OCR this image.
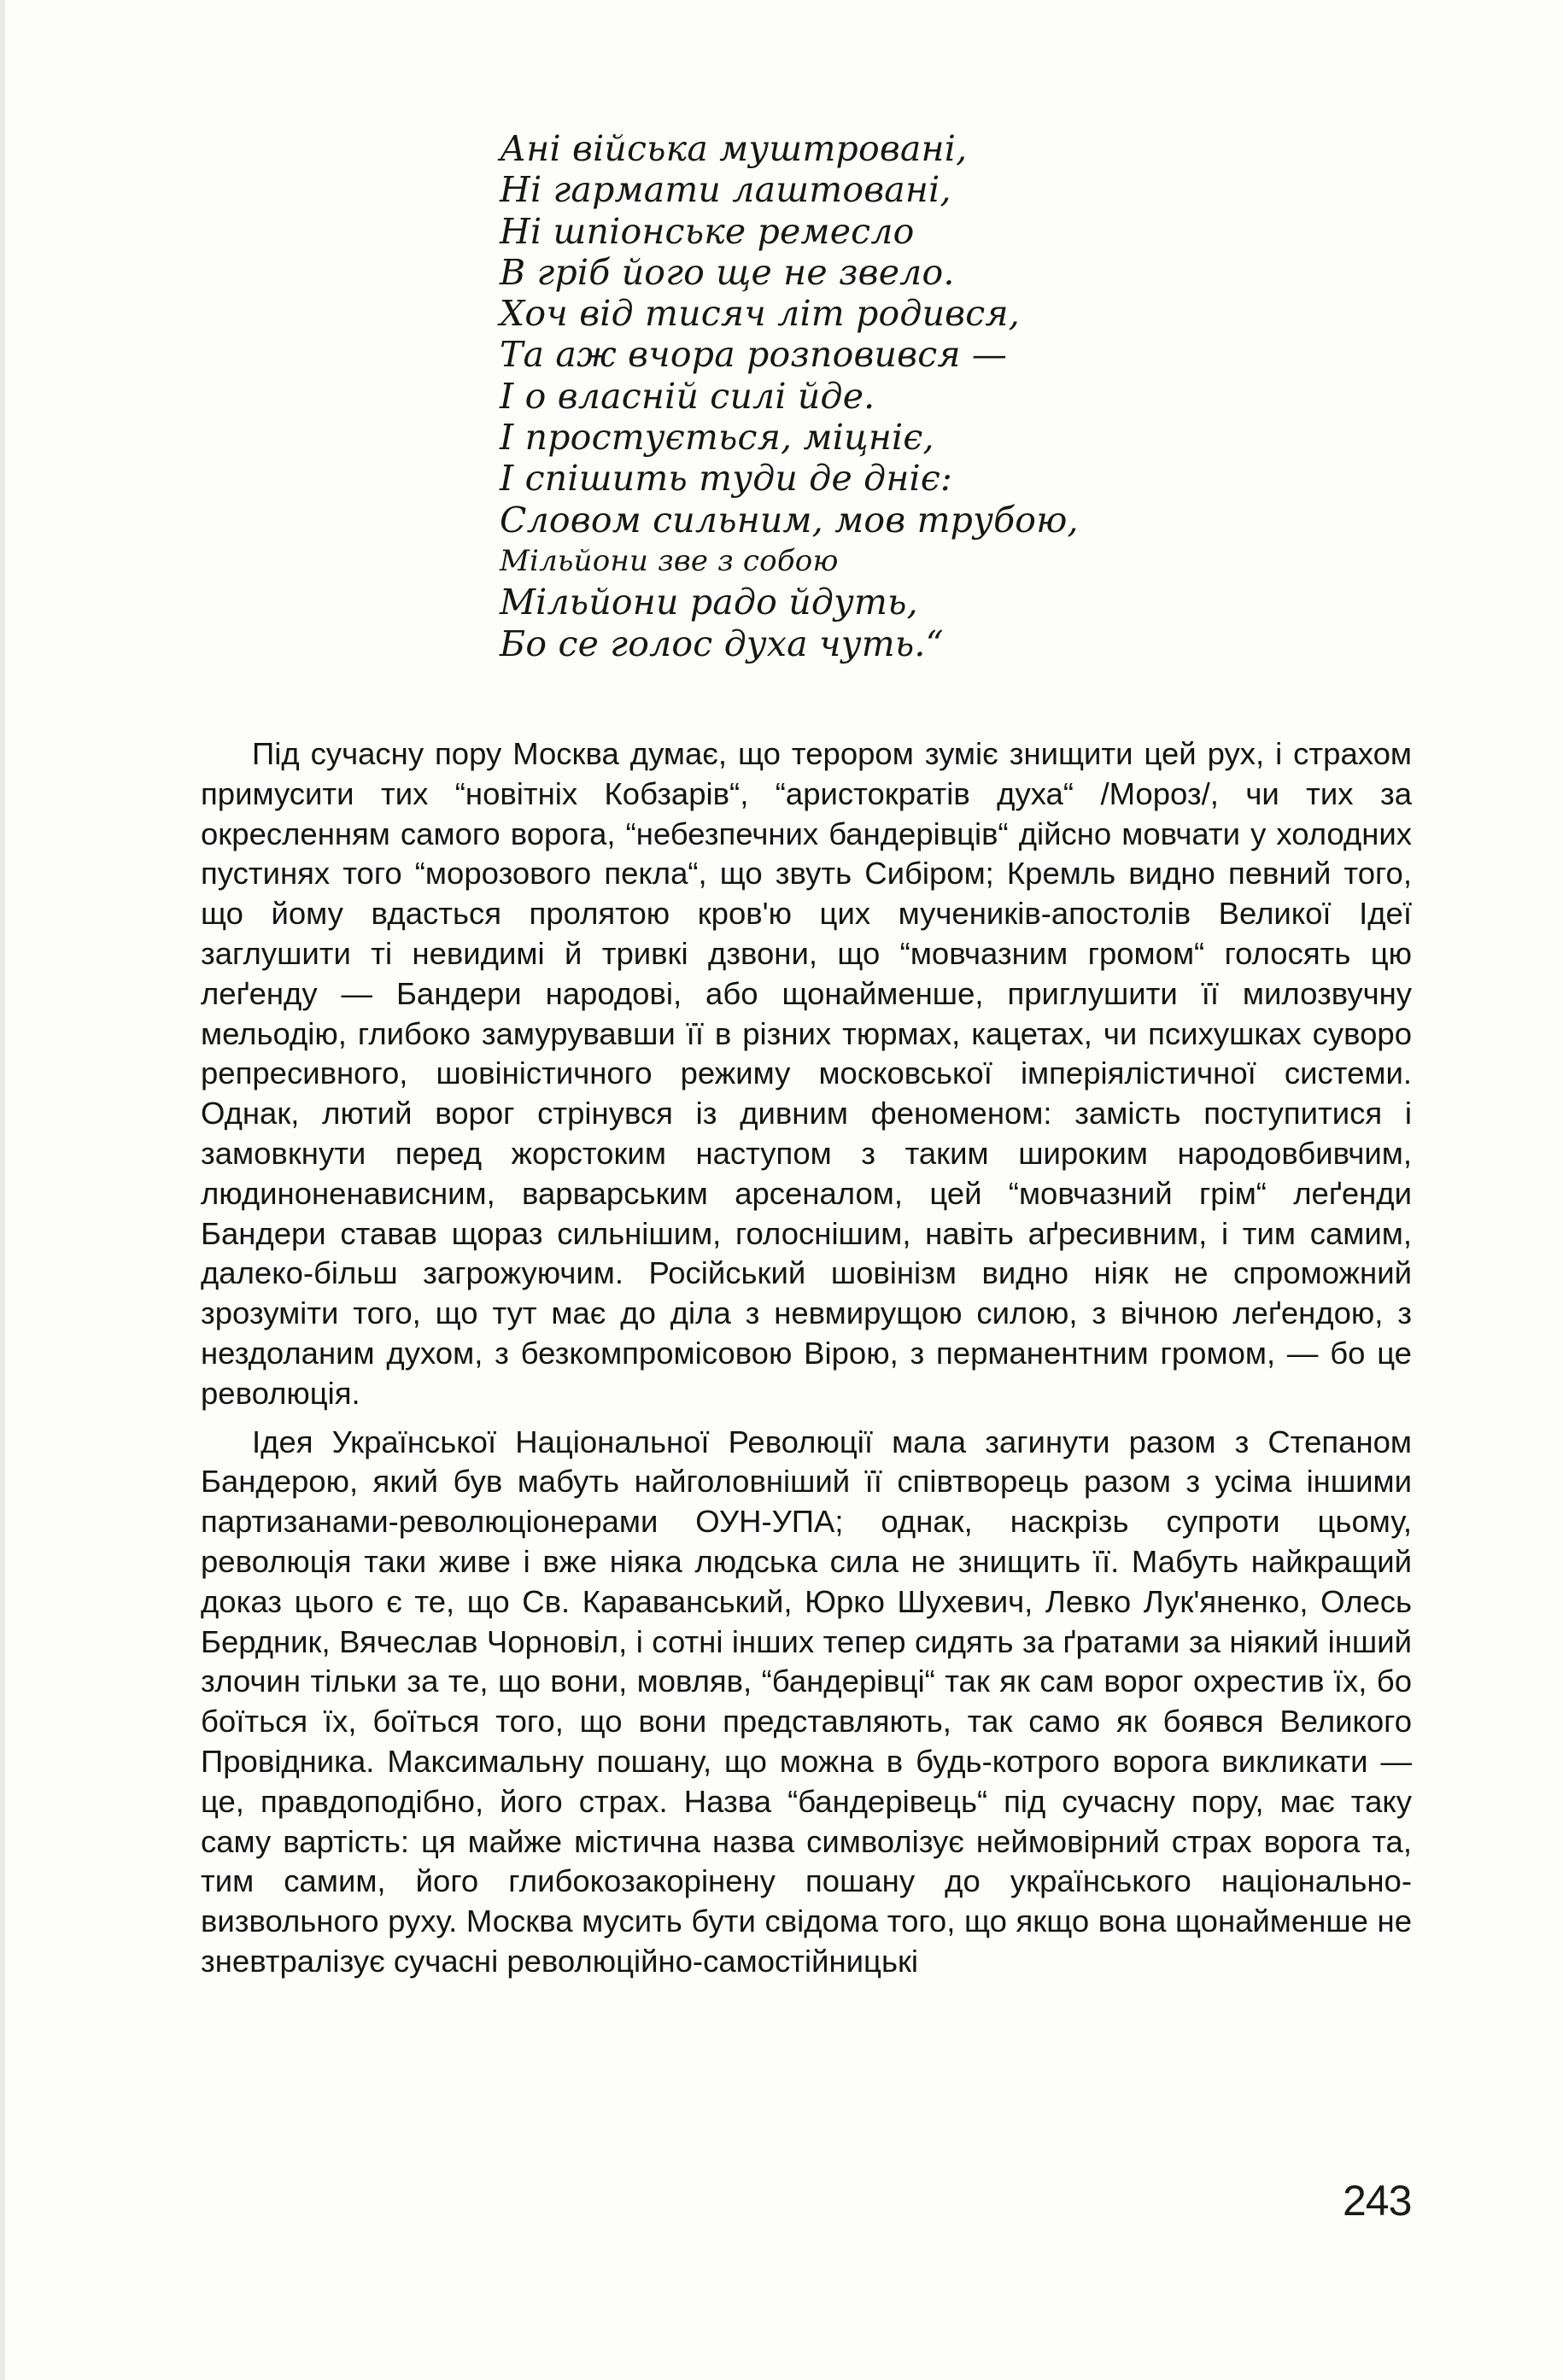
Ані війська муштровані,
Ні гармати лаштовані,
Ні шпіонське ремесло
В гріб його ще не звело.
Хоч від тисяч літ родився,
Та аж вчора розповився —
І о власній силі йде.
І простується, міцніє,
І спішить туди де дніє:
Словом сильним, мов трубою,
Мільйони зве з собою
Мільйони радо йдуть,
Бо се голос духа чуть.“

Під сучасну пору Москва думає, що терором зуміє знищити цей рух, і страхом примусити тих “новітніх Кобзарів“, “аристократів духа“ /Мороз/, чи тих за окресленням самого ворога, “небезпечних бандерівців“ дійсно мовчати у холодних пустинях того “морозового пекла“, що звуть Сибіром; Кремль видно певний того, що йому вдасться пролятою кров'ю цих мучеників-апостолів Великої Ідеї заглушити ті невидимі й тривкі дзвони, що “мовчазним громом“ голосять цю леґенду — Бандери народові, або щонайменше, приглушити її милозвучну мельодію, глибоко замурувавши її в різних тюрмах, кацетах, чи психушках суворо репресивного, шовіністичного режиму московської імперіялістичної системи. Однак, лютий ворог стрінувся із дивним феноменом: замість поступитися і замовкнути перед жорстоким наступом з таким широким народовбивчим, людиноненависним, варварським арсеналом, цей “мовчазний грім“ леґенди Бандери ставав щораз сильнішим, голоснішим, навіть аґресивним, і тим самим, далеко-більш загрожуючим. Російський шовінізм видно ніяк не спроможний зрозуміти того, що тут має до діла з невмирущою силою, з вічною леґендою, з нездоланим духом, з безкомпромісовою Вірою, з перманентним громом, — бо це революція.

Ідея Української Національної Революції мала загинути разом з Степаном Бандерою, який був мабуть найголовніший її співтворець разом з усіма іншими партизанами-революціонерами ОУН-УПА; однак, наскрізь супроти цьому, революція таки живе і вже ніяка людська сила не знищить її. Мабуть найкращий доказ цього є те, що Св. Караванський, Юрко Шухевич, Левко Лук'яненко, Олесь Бердник, Вячеслав Чорновіл, і сотні інших тепер сидять за ґратами за ніякий інший злочин тільки за те, що вони, мовляв, “бандерівці“ так як сам ворог охрестив їх, бо боїться їх, боїться того, що вони представляють, так само як боявся Великого Провідника. Максимальну пошану, що можна в будь-котрого ворога викликати — це, правдоподібно, його страх. Назва “бандерівець“ під сучасну пору, має таку саму вартість: ця майже містична назва символізує неймовірний страх ворога та, тим самим, його глибокозакорінену пошану до українського національно-визвольного руху. Москва мусить бути свідома того, що якщо вона щонайменше не зневтралізує сучасні революційно-самостійницькі

243
